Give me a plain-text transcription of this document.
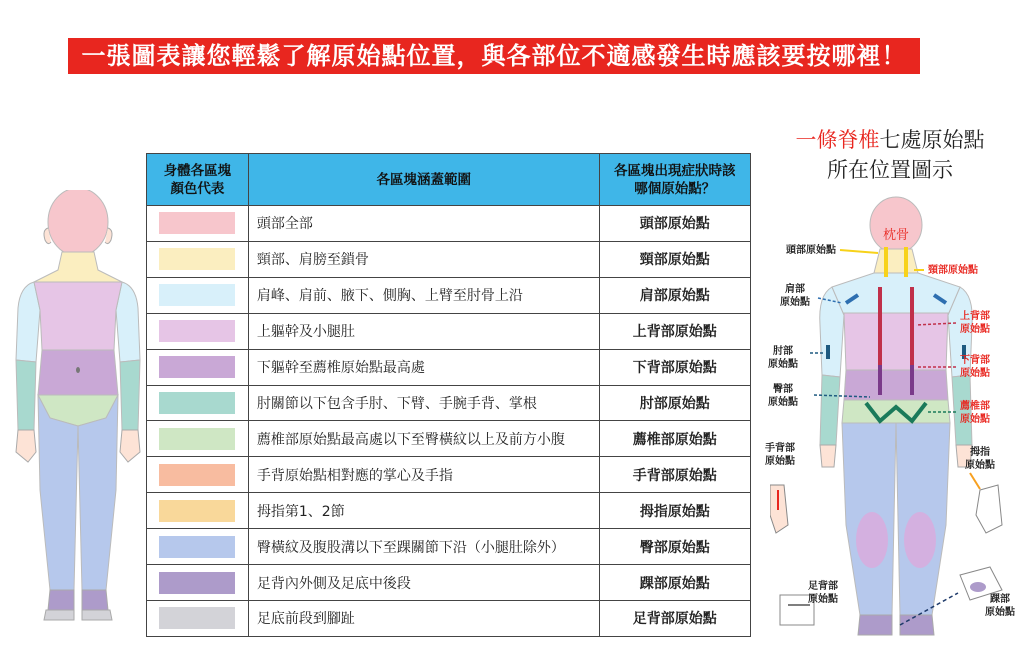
一張圖表讓您輕鬆了解原始點位置，與各部位不適感發生時應該要按哪裡！
身體各區塊
顏色代表	各區塊涵蓋範圍	各區塊出現症狀時該
哪個原始點？
	頭部全部	頭部原始點
	頸部、肩膀至鎖骨	頸部原始點
	肩峰、肩前、腋下、側胸、上臂至肘骨上沿	肩部原始點
	上軀幹及小腿肚	上背部原始點
	下軀幹至薦椎原始點最高處	下背部原始點
	肘關節以下包含手肘、下臂、手腕手背、掌根	肘部原始點
	薦椎部原始點最高處以下至臀橫紋以上及前方小腹	薦椎部原始點
	手背原始點相對應的掌心及手指	手背部原始點
	拇指第1、2節	拇指原始點
	臀橫紋及腹股溝以下至踝關節下沿（小腿肚除外）	臀部原始點
	足背內外側及足底中後段	踝部原始點
	足底前段到腳趾	足背部原始點
一條脊椎七處原始點
所在位置圖示
枕骨
頭部原始點
頸部原始點
肩部
原始點
上背部
原始點
肘部
原始點	下背部
原始點
臀部
原始點	薦椎部
原始點
手背部
原始點
拇指
原始點
足背部
原始點	踝部
原始點
